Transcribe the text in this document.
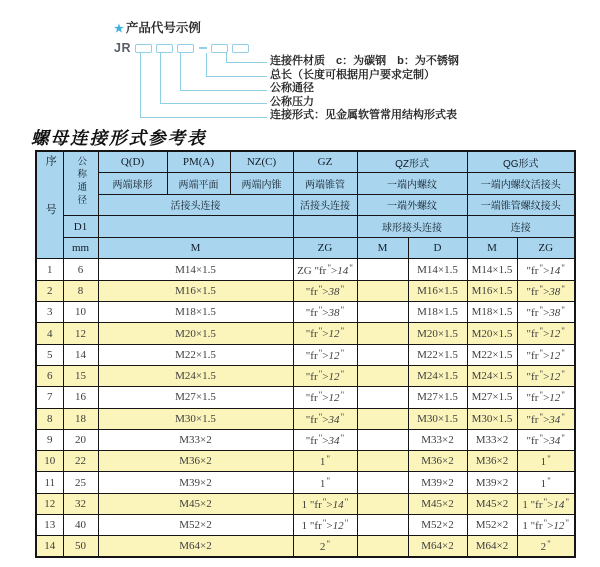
★ 产品代号示例
JR
连接件材质　c：为碳钢　b：为不锈钢
总长（长度可根据用户要求定制）
公称通径
公称压力
连接形式：见金属软管常用结构形式表
螺母连接形式参考表
序号	公称通径	Q(D)	PM(A)	NZ(C)	GZ	QZ形式		QG形式	
		两端球形	两端平面	两端内锥	两端锥管	一端内螺纹		一端内螺纹活接头	
		活接头连接			活接头连接	一端外螺纹		一端锥管螺纹接头	
	D1					球形接头连接		连接	
	mm	M			ZG	M	D	M	ZG
1	6	M14×1.5			ZG "fr">14"		M14×1.5	M14×1.5	"fr">14"
2	8	M16×1.5			"fr">38"		M16×1.5	M16×1.5	"fr">38"
3	10	M18×1.5			"fr">38"		M18×1.5	M18×1.5	"fr">38"
4	12	M20×1.5			"fr">12"		M20×1.5	M20×1.5	"fr">12"
5	14	M22×1.5			"fr">12"		M22×1.5	M22×1.5	"fr">12"
6	15	M24×1.5			"fr">12"		M24×1.5	M24×1.5	"fr">12"
7	16	M27×1.5			"fr">12"		M27×1.5	M27×1.5	"fr">12"
8	18	M30×1.5			"fr">34"		M30×1.5	M30×1.5	"fr">34"
9	20	M33×2			"fr">34"		M33×2	M33×2	"fr">34"
10	22	M36×2			1"		M36×2	M36×2	1"
11	25	M39×2			1"		M39×2	M39×2	1"
12	32	M45×2			1 "fr">14"		M45×2	M45×2	1 "fr">14"
13	40	M52×2			1 "fr">12"		M52×2	M52×2	1 "fr">12"
14	50	M64×2			2"		M64×2	M64×2	2"
